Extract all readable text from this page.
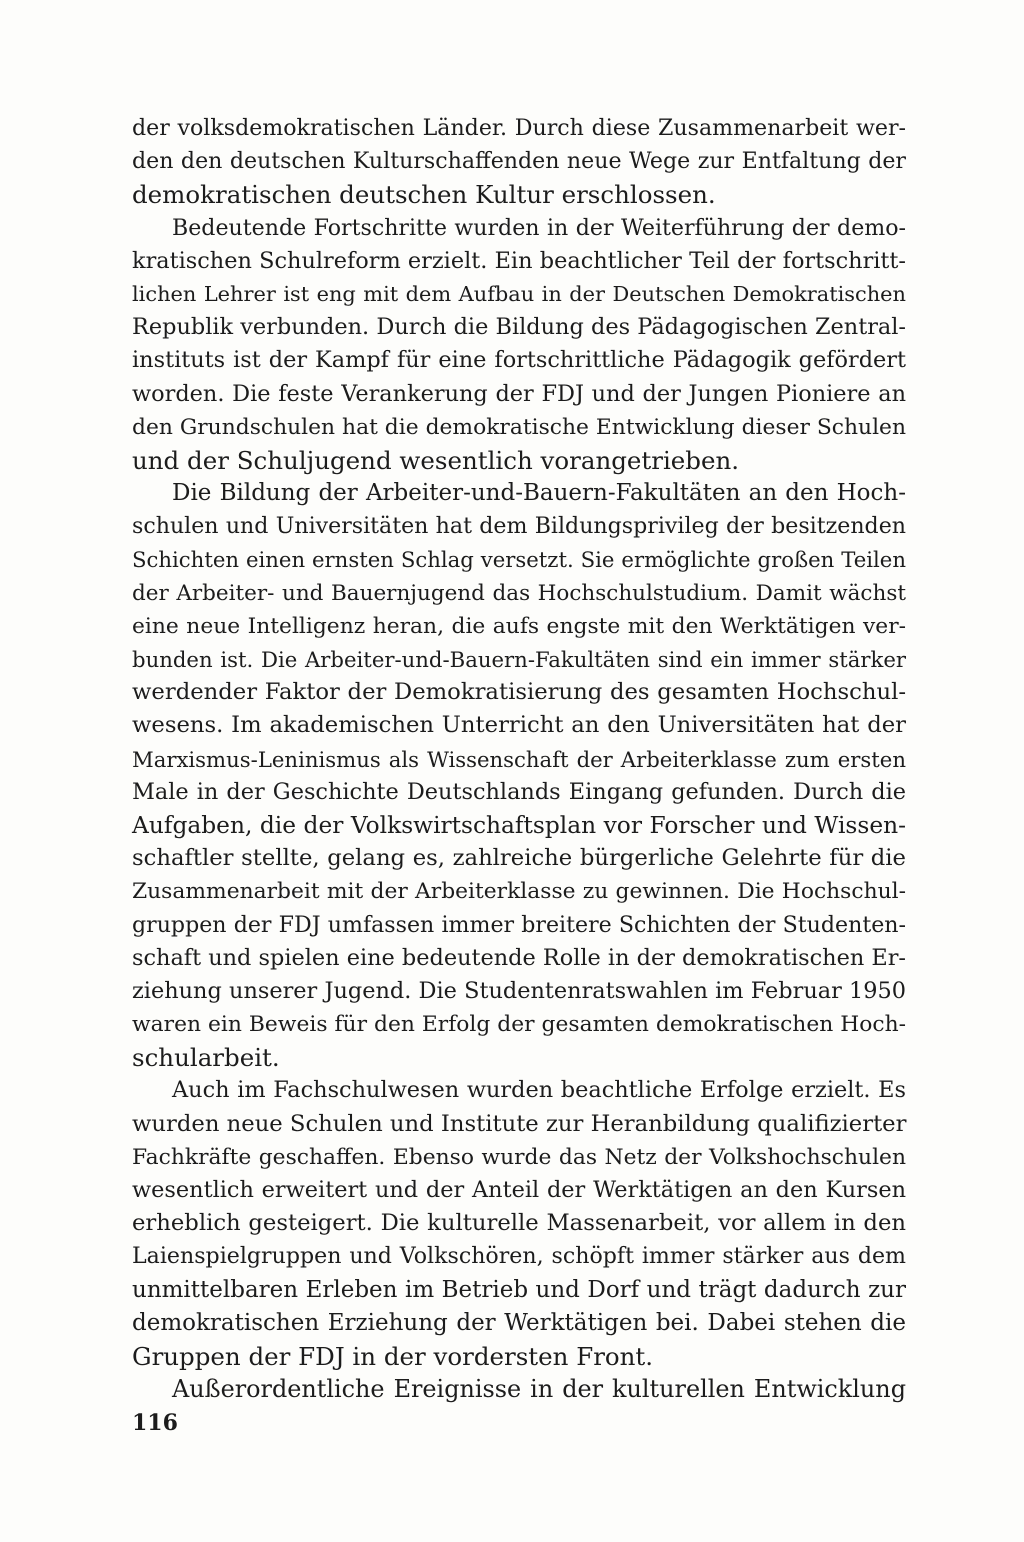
der volksdemokratischen Länder. Durch diese Zusammenarbeit wer-
den den deutschen Kulturschaffenden neue Wege zur Entfaltung der
demokratischen deutschen Kultur erschlossen.
Bedeutende Fortschritte wurden in der Weiterführung der demo-
kratischen Schulreform erzielt. Ein beachtlicher Teil der fortschritt-
lichen Lehrer ist eng mit dem Aufbau in der Deutschen Demokratischen
Republik verbunden. Durch die Bildung des Pädagogischen Zentral-
instituts ist der Kampf für eine fortschrittliche Pädagogik gefördert
worden. Die feste Verankerung der FDJ und der Jungen Pioniere an
den Grundschulen hat die demokratische Entwicklung dieser Schulen
und der Schuljugend wesentlich vorangetrieben.
Die Bildung der Arbeiter-und-Bauern-Fakultäten an den Hoch-
schulen und Universitäten hat dem Bildungsprivileg der besitzenden
Schichten einen ernsten Schlag versetzt. Sie ermöglichte großen Teilen
der Arbeiter- und Bauernjugend das Hochschulstudium. Damit wächst
eine neue Intelligenz heran, die aufs engste mit den Werktätigen ver-
bunden ist. Die Arbeiter-und-Bauern-Fakultäten sind ein immer stärker
werdender Faktor der Demokratisierung des gesamten Hochschul-
wesens. Im akademischen Unterricht an den Universitäten hat der
Marxismus-Leninismus als Wissenschaft der Arbeiterklasse zum ersten
Male in der Geschichte Deutschlands Eingang gefunden. Durch die
Aufgaben, die der Volkswirtschaftsplan vor Forscher und Wissen-
schaftler stellte, gelang es, zahlreiche bürgerliche Gelehrte für die
Zusammenarbeit mit der Arbeiterklasse zu gewinnen. Die Hochschul-
gruppen der FDJ umfassen immer breitere Schichten der Studenten-
schaft und spielen eine bedeutende Rolle in der demokratischen Er-
ziehung unserer Jugend. Die Studentenratswahlen im Februar 1950
waren ein Beweis für den Erfolg der gesamten demokratischen Hoch-
schularbeit.
Auch im Fachschulwesen wurden beachtliche Erfolge erzielt. Es
wurden neue Schulen und Institute zur Heranbildung qualifizierter
Fachkräfte geschaffen. Ebenso wurde das Netz der Volkshochschulen
wesentlich erweitert und der Anteil der Werktätigen an den Kursen
erheblich gesteigert. Die kulturelle Massenarbeit, vor allem in den
Laienspielgruppen und Volkschören, schöpft immer stärker aus dem
unmittelbaren Erleben im Betrieb und Dorf und trägt dadurch zur
demokratischen Erziehung der Werktätigen bei. Dabei stehen die
Gruppen der FDJ in der vordersten Front.
Außerordentliche Ereignisse in der kulturellen Entwicklung
116
